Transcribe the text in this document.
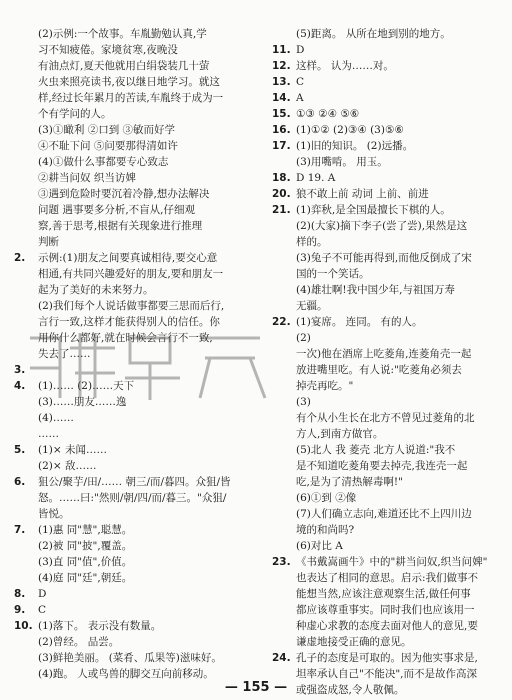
(2)示例:一个故事。车胤勤勉认真,学
习不知疲倦。家境贫寒,夜晚没
有油点灯,夏天他就用白绢袋装几十萤
火虫来照亮读书,夜以继日地学习。就这
样,经过长年累月的苦读,车胤终于成为一
个有学问的人。
(3)①瞰利 ②口到 ③敏而好学
④不耻下问 ⑤问要那得清如许
(4)①做什么事都要专心致志
②耕当问奴 织当访婢
③遇到危险时要沉着冷静,想办法解决
问题 遇事要多分析,不盲从,仔细观
察,善于思考,根据有关现象进行推理
判断
2. 示例:(1)朋友之间要真诚相待,要交心意
相通,有共同兴趣爱好的朋友,要和朋友一
起为了美好的未来努力。
(2)我们每个人说话做事都要三思而后行,
言行一致,这样才能获得别人的信任。你
用你什么都好,就在时候会言行不一致,
失去了……
3.
4. (1)…… (2)……天下
(3)……朋友……逸
(4)……
……
5. (1)× 未闻……
(2)× 敌……
6. 狙公/聚芋/田/…… 朝三/而/暮四。众狙/皆
怒。……曰:"然则/朝/四/而/暮三。"众狙/
皆悦。
7. (1)惠 同"慧",聪慧。
(2)被 同"披",覆盖。
(3)直 同"值",价值。
(4)庭 同"廷",朝廷。
8. D
9. C
10. (1)落下。 表示没有数量。
(2)曾经。 品尝。
(3)鲜艳美丽。 (菜肴、瓜果等)滋味好。
(4)跑。 人或鸟兽的脚交互向前移动。
(5)距离。 从所在地到别的地方。
11. D
12. 这样。 认为……对。
13. C
14. A
15. ①③ ②④ ⑤⑥
16. (1)①② (2)③④ (3)⑤⑥
17. (1)旧的知识。 (2)远播。
(3)用嘴啃。 用玉。
18. D 19. A
20. 狼不敢上前 动词 上前、前进
21. (1)弈秋,是全国最擅长下棋的人。
(2)(大家)摘下李子(尝了尝),果然是这
样的。
(3)兔子不可能再得到,而他反倒成了宋
国的一个笑话。
(4)雄壮啊!我中国少年,与祖国万寿
无疆。
22. (1)宴席。 连同。 有的人。
(2)
一次)他在酒席上吃菱角,连菱角壳一起
放进嘴里吃。有人说:"吃菱角必须去
掉壳再吃。"
(3)
有个从小生长在北方不曾见过菱角的北
方人,到南方做官。
(5)北人 我 菱壳 北方人说道:"我不
是不知道吃菱角要去掉壳,我连壳一起
吃,是为了清热解毒啊!"
(6)①到 ②像
(7)人们确立志向,难道还比不上四川边
境的和尚吗?
(6)对比 A
23. 《书戴嵩画牛》中的"耕当问奴,织当问婢"
也表达了相同的意思。启示:我们做事不
能想当然,应该注意观察生活,做任何事
都应该尊重事实。同时我们也应该用一
种虚心求教的态度去面对他人的意见,要
谦虚地接受正确的意见。
24. 孔子的态度是可取的。因为他实事求是,
坦率承认自己"不能决",而不是故作高深
或强盗成怒,令人敬佩。
— 155 —
